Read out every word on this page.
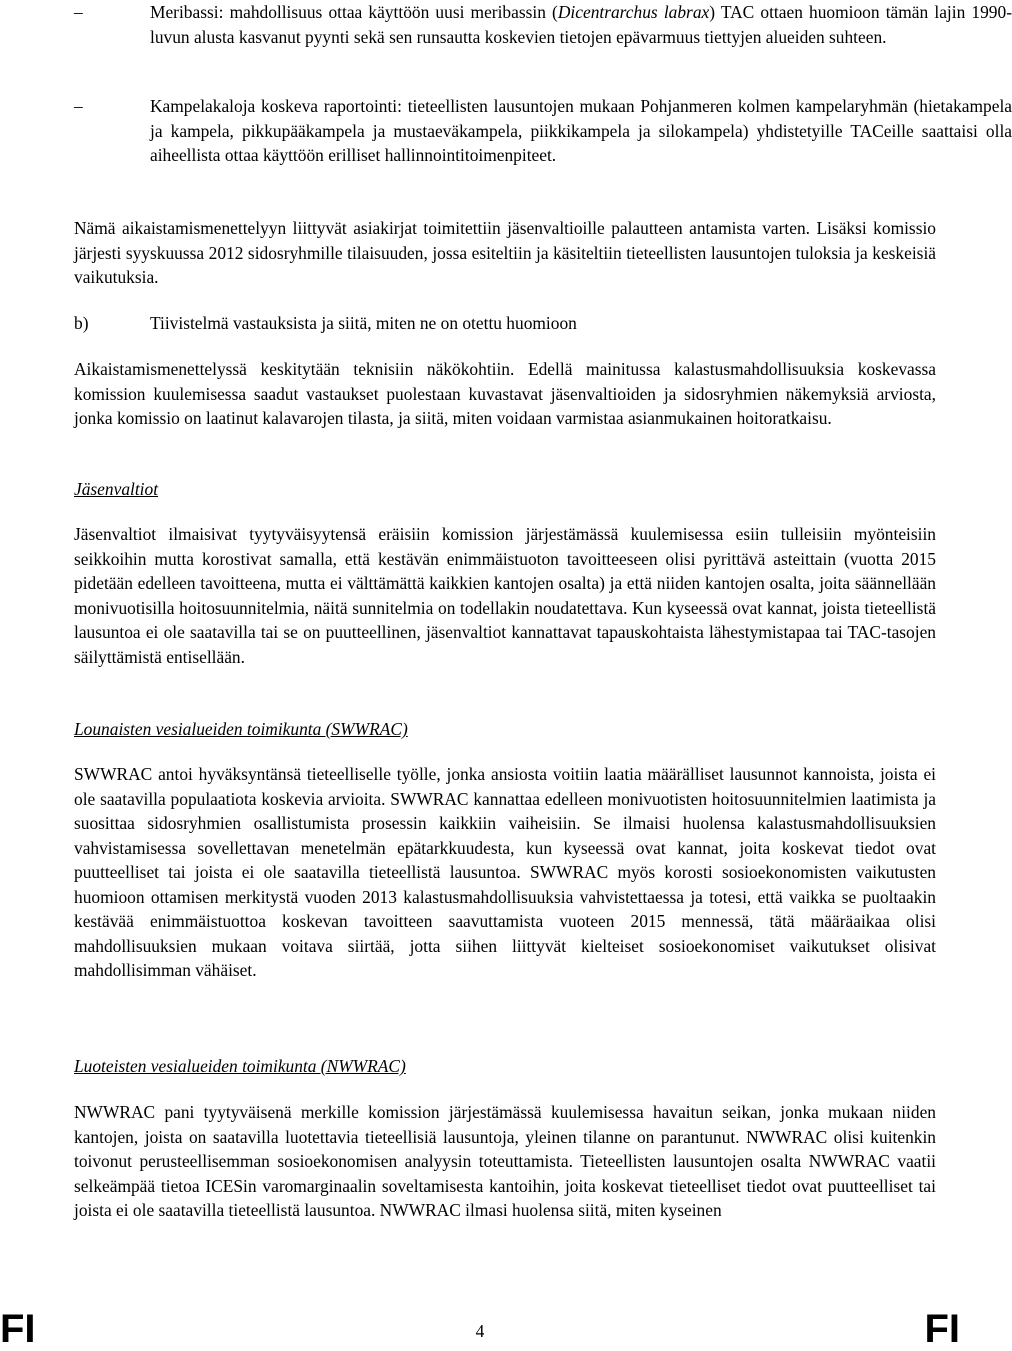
–	Meribassi: mahdollisuus ottaa käyttöön uusi meribassin (Dicentrarchus labrax) TAC ottaen huomioon tämän lajin 1990-luvun alusta kasvanut pyynti sekä sen runsautta koskevien tietojen epävarmuus tiettyjen alueiden suhteen.
–	Kampelakaloja koskeva raportointi: tieteellisten lausuntojen mukaan Pohjanmeren kolmen kampelaryhmän (hietakampela ja kampela, pikkupääkampela ja mustaeväkampela, piikkikampela ja silokampela) yhdistetyille TACeille saattaisi olla aiheellista ottaa käyttöön erilliset hallinnointitoimenpiteet.

Nämä aikaistamismenettelyyn liittyvät asiakirjat toimitettiin jäsenvaltioille palautteen antamista varten. Lisäksi komissio järjesti syyskuussa 2012 sidosryhmille tilaisuuden, jossa esiteltiin ja käsiteltiin tieteellisten lausuntojen tuloksia ja keskeisiä vaikutuksia.

b)	Tiivistelmä vastauksista ja siitä, miten ne on otettu huomioon

Aikaistamismenettelyssä keskitytään teknisiin näkökohtiin. Edellä mainitussa kalastusmahdollisuuksia koskevassa komission kuulemisessa saadut vastaukset puolestaan kuvastavat jäsenvaltioiden ja sidosryhmien näkemyksiä arviosta, jonka komissio on laatinut kalavarojen tilasta, ja siitä, miten voidaan varmistaa asianmukainen hoitoratkaisu.

Jäsenvaltiot

Jäsenvaltiot ilmaisivat tyytyväisyytensä eräisiin komission järjestämässä kuulemisessa esiin tulleisiin myönteisiin seikkoihin mutta korostivat samalla, että kestävän enimmäistuoton tavoitteeseen olisi pyrittävä asteittain (vuotta 2015 pidetään edelleen tavoitteena, mutta ei välttämättä kaikkien kantojen osalta) ja että niiden kantojen osalta, joita säännellään monivuotisilla hoitosuunnitelmia, näitä sunnitelmia on todellakin noudatettava. Kun kyseessä ovat kannat, joista tieteellistä lausuntoa ei ole saatavilla tai se on puutteellinen, jäsenvaltiot kannattavat tapauskohtaista lähestymistapaa tai TAC-tasojen säilyttämistä entisellään.

Lounaisten vesialueiden toimikunta (SWWRAC)

SWWRAC antoi hyväksyntänsä tieteelliselle työlle, jonka ansiosta voitiin laatia määrälliset lausunnot kannoista, joista ei ole saatavilla populaatiota koskevia arvioita. SWWRAC kannattaa edelleen monivuotisten hoitosuunnitelmien laatimista ja suosittaa sidosryhmien osallistumista prosessin kaikkiin vaiheisiin. Se ilmaisi huolensa kalastusmahdollisuuksien vahvistamisessa sovellettavan menetelmän epätarkkuudesta, kun kyseessä ovat kannat, joita koskevat tiedot ovat puutteelliset tai joista ei ole saatavilla tieteellistä lausuntoa. SWWRAC myös korosti sosioekonomisten vaikutusten huomioon ottamisen merkitystä vuoden 2013 kalastusmahdollisuuksia vahvistettaessa ja totesi, että vaikka se puoltaakin kestävää enimmäistuottoa koskevan tavoitteen saavuttamista vuoteen 2015 mennessä, tätä määräaikaa olisi mahdollisuuksien mukaan voitava siirtää, jotta siihen liittyvät kielteiset sosioekonomiset vaikutukset olisivat mahdollisimman vähäiset.

Luoteisten vesialueiden toimikunta (NWWRAC)

NWWRAC pani tyytyväisenä merkille komission järjestämässä kuulemisessa havaitun seikan, jonka mukaan niiden kantojen, joista on saatavilla luotettavia tieteellisiä lausuntoja, yleinen tilanne on parantunut. NWWRAC olisi kuitenkin toivonut perusteellisemman sosioekonomisen analyysin toteuttamista. Tieteellisten lausuntojen osalta NWWRAC vaatii selkeämpää tietoa ICESin varomarginaalin soveltamisesta kantoihin, joita koskevat tieteelliset tiedot ovat puutteelliset tai joista ei ole saatavilla tieteellistä lausuntoa. NWWRAC ilmasi huolensa siitä, miten kyseinen

FI	4	FI
